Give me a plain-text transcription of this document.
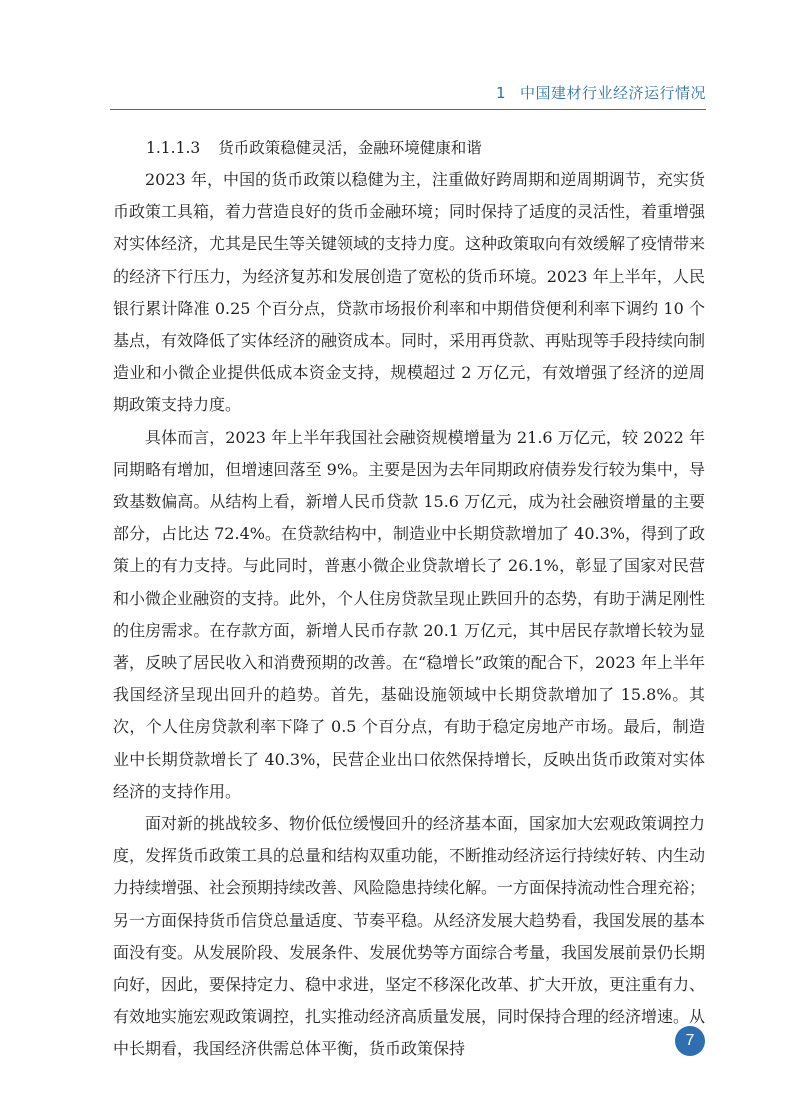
1 中国建材行业经济运行情况
1.1.1.3 货币政策稳健灵活，金融环境健康和谐

2023 年，中国的货币政策以稳健为主，注重做好跨周期和逆周期调节，充实货币政策工具箱，着力营造良好的货币金融环境；同时保持了适度的灵活性，着重增强对实体经济，尤其是民生等关键领域的支持力度。这种政策取向有效缓解了疫情带来的经济下行压力，为经济复苏和发展创造了宽松的货币环境。2023 年上半年，人民银行累计降准 0.25 个百分点，贷款市场报价利率和中期借贷便利利率下调约 10 个基点，有效降低了实体经济的融资成本。同时，采用再贷款、再贴现等手段持续向制造业和小微企业提供低成本资金支持，规模超过 2 万亿元，有效增强了经济的逆周期政策支持力度。

具体而言，2023 年上半年我国社会融资规模增量为 21.6 万亿元，较 2022 年同期略有增加，但增速回落至 9%。主要是因为去年同期政府债券发行较为集中，导致基数偏高。从结构上看，新增人民币贷款 15.6 万亿元，成为社会融资增量的主要部分，占比达 72.4%。在贷款结构中，制造业中长期贷款增加了 40.3%，得到了政策上的有力支持。与此同时，普惠小微企业贷款增长了 26.1%，彰显了国家对民营和小微企业融资的支持。此外，个人住房贷款呈现止跌回升的态势，有助于满足刚性的住房需求。在存款方面，新增人民币存款 20.1 万亿元，其中居民存款增长较为显著，反映了居民收入和消费预期的改善。在“稳增长”政策的配合下，2023 年上半年我国经济呈现出回升的趋势。首先，基础设施领域中长期贷款增加了 15.8%。其次，个人住房贷款利率下降了 0.5 个百分点，有助于稳定房地产市场。最后，制造业中长期贷款增长了 40.3%，民营企业出口依然保持增长，反映出货币政策对实体经济的支持作用。

面对新的挑战较多、物价低位缓慢回升的经济基本面，国家加大宏观政策调控力度，发挥货币政策工具的总量和结构双重功能，不断推动经济运行持续好转、内生动力持续增强、社会预期持续改善、风险隐患持续化解。一方面保持流动性合理充裕；另一方面保持货币信贷总量适度、节奏平稳。从经济发展大趋势看，我国发展的基本面没有变。从发展阶段、发展条件、发展优势等方面综合考量，我国发展前景仍长期向好，因此，要保持定力、稳中求进，坚定不移深化改革、扩大开放，更注重有力、有效地实施宏观政策调控，扎实推动经济高质量发展，同时保持合理的经济增速。从中长期看，我国经济供需总体平衡，货币政策保持	7
